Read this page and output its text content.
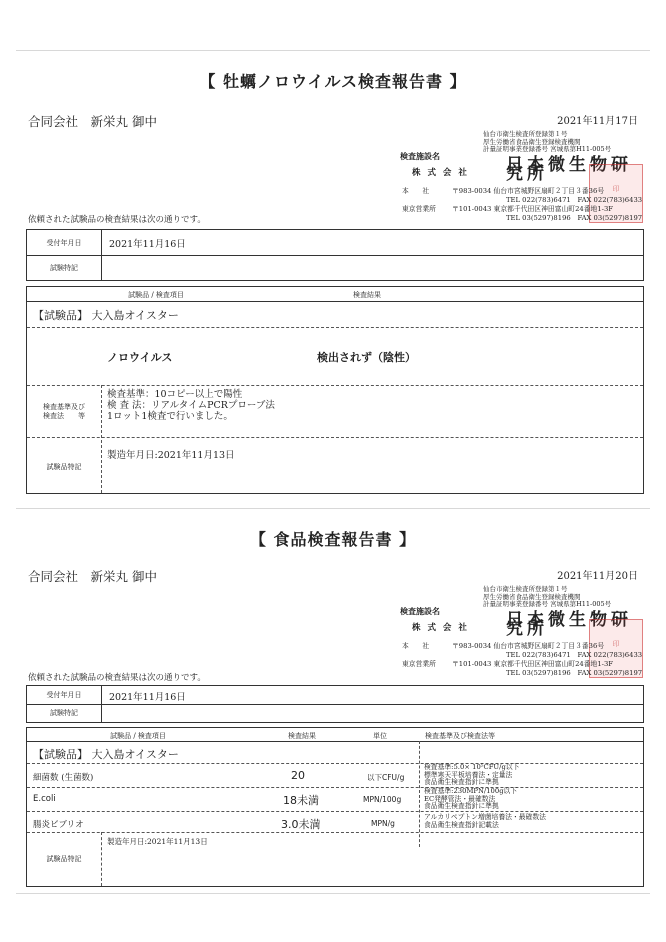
【 牡蠣ノロウイルス検査報告書 】
合同会社　新栄丸 御中	2021年11月17日
仙台市衛生検査所登録第１号
厚生労働省食品衛生登録検査機関
計量証明事業登録番号 宮城県第H11-005号
検査施設名
株 式 会 社 日本微生物研究所
印
本　　社	〒983-0034 仙台市宮城野区扇町２丁目３番36号
TEL 022(783)6471　FAX 022(783)6433
東京営業所 〒101-0043 東京都千代田区神田富山町24番地1-3F
TEL 03(5297)8196　FAX 03(5297)8197
依頼された試験品の検査結果は次の通りです。
受付年月日	2021年11月16日
試験特記
試験品 / 検査項目	検査結果
【試験品】 大入島オイスター
ノロウイルス	検出されず（陰性）
検査基準及び
検査法　　等
検査基準：10コピー以上で陽性
検 査 法：リアルタイムPCRプローブ法
1ロット1検査で行いました。
試験品特記
製造年月日:2021年11月13日
【 食品検査報告書 】
合同会社　新栄丸 御中	2021年11月20日
仙台市衛生検査所登録第１号
厚生労働省食品衛生登録検査機関
計量証明事業登録番号 宮城県第H11-005号
検査施設名
株 式 会 社 日本微生物研究所
印
本　　社	〒983-0034 仙台市宮城野区扇町２丁目３番36号
TEL 022(783)6471　FAX 022(783)6433
東京営業所 〒101-0043 東京都千代田区神田富山町24番地1-3F
TEL 03(5297)8196　FAX 03(5297)8197
依頼された試験品の検査結果は次の通りです。
受付年月日	2021年11月16日
試験特記
試験品 / 検査項目	検査結果	単位	検査基準及び検査法等
【試験品】 大入島オイスター
細菌数 (生菌数)	20	以下CFU/g
検査基準:5.0× 10⁵CFU/g以下
標準寒天平板培養法・定量法
食品衛生検査指針に準拠
E.coli	18未満	MPN/100g
検査基準:230MPN/100g以下
EC発酵管法・最確数法
食品衛生検査指針に準拠
腸炎ビブリオ	3.0未満	MPN/g
アルカリペプトン増菌培養法・最確数法
食品衛生検査指針記載法
試験品特記
製造年月日:2021年11月13日
